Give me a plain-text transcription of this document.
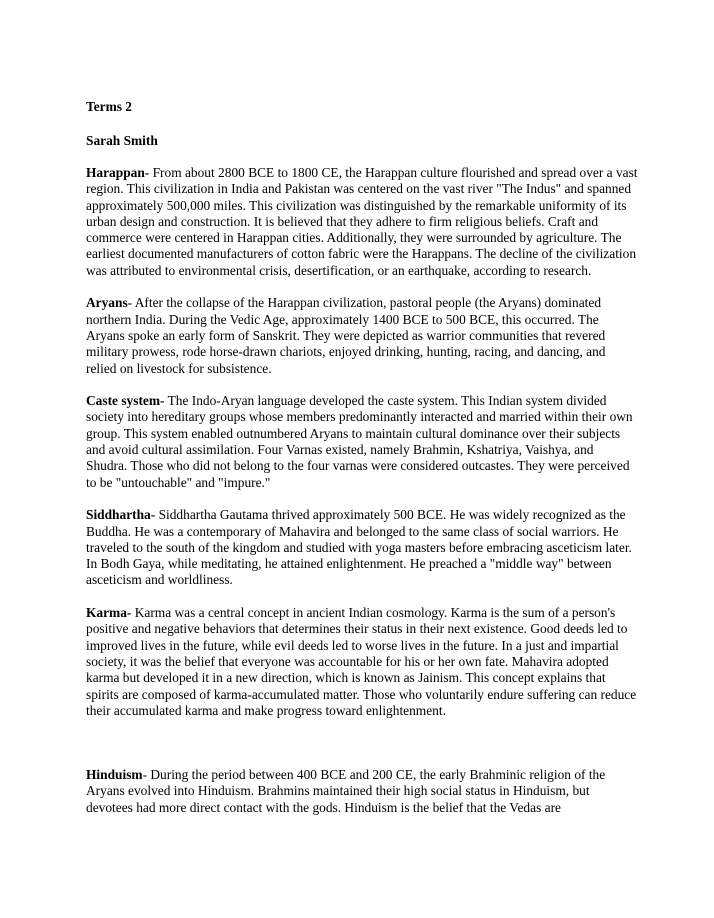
Terms 2

Sarah Smith

Harappan- From about 2800 BCE to 1800 CE, the Harappan culture flourished and spread over a vast region. This civilization in India and Pakistan was centered on the vast river "The Indus" and spanned approximately 500,000 miles. This civilization was distinguished by the remarkable uniformity of its urban design and construction. It is believed that they adhere to firm religious beliefs. Craft and commerce were centered in Harappan cities. Additionally, they were surrounded by agriculture. The earliest documented manufacturers of cotton fabric were the Harappans. The decline of the civilization was attributed to environmental crisis, desertification, or an earthquake, according to research.

Aryans- After the collapse of the Harappan civilization, pastoral people (the Aryans) dominated northern India. During the Vedic Age, approximately 1400 BCE to 500 BCE, this occurred. The Aryans spoke an early form of Sanskrit. They were depicted as warrior communities that revered military prowess, rode horse-drawn chariots, enjoyed drinking, hunting, racing, and dancing, and relied on livestock for subsistence.

Caste system- The Indo-Aryan language developed the caste system. This Indian system divided society into hereditary groups whose members predominantly interacted and married within their own group. This system enabled outnumbered Aryans to maintain cultural dominance over their subjects and avoid cultural assimilation. Four Varnas existed, namely Brahmin, Kshatriya, Vaishya, and Shudra. Those who did not belong to the four varnas were considered outcastes. They were perceived to be "untouchable" and "impure."

Siddhartha- Siddhartha Gautama thrived approximately 500 BCE. He was widely recognized as the Buddha. He was a contemporary of Mahavira and belonged to the same class of social warriors. He traveled to the south of the kingdom and studied with yoga masters before embracing asceticism later. In Bodh Gaya, while meditating, he attained enlightenment. He preached a "middle way" between asceticism and worldliness.

Karma- Karma was a central concept in ancient Indian cosmology. Karma is the sum of a person's positive and negative behaviors that determines their status in their next existence. Good deeds led to improved lives in the future, while evil deeds led to worse lives in the future. In a just and impartial society, it was the belief that everyone was accountable for his or her own fate. Mahavira adopted karma but developed it in a new direction, which is known as Jainism. This concept explains that spirits are composed of karma-accumulated matter. Those who voluntarily endure suffering can reduce their accumulated karma and make progress toward enlightenment.

Hinduism- During the period between 400 BCE and 200 CE, the early Brahminic religion of the Aryans evolved into Hinduism. Brahmins maintained their high social status in Hinduism, but devotees had more direct contact with the gods. Hinduism is the belief that the Vedas are
